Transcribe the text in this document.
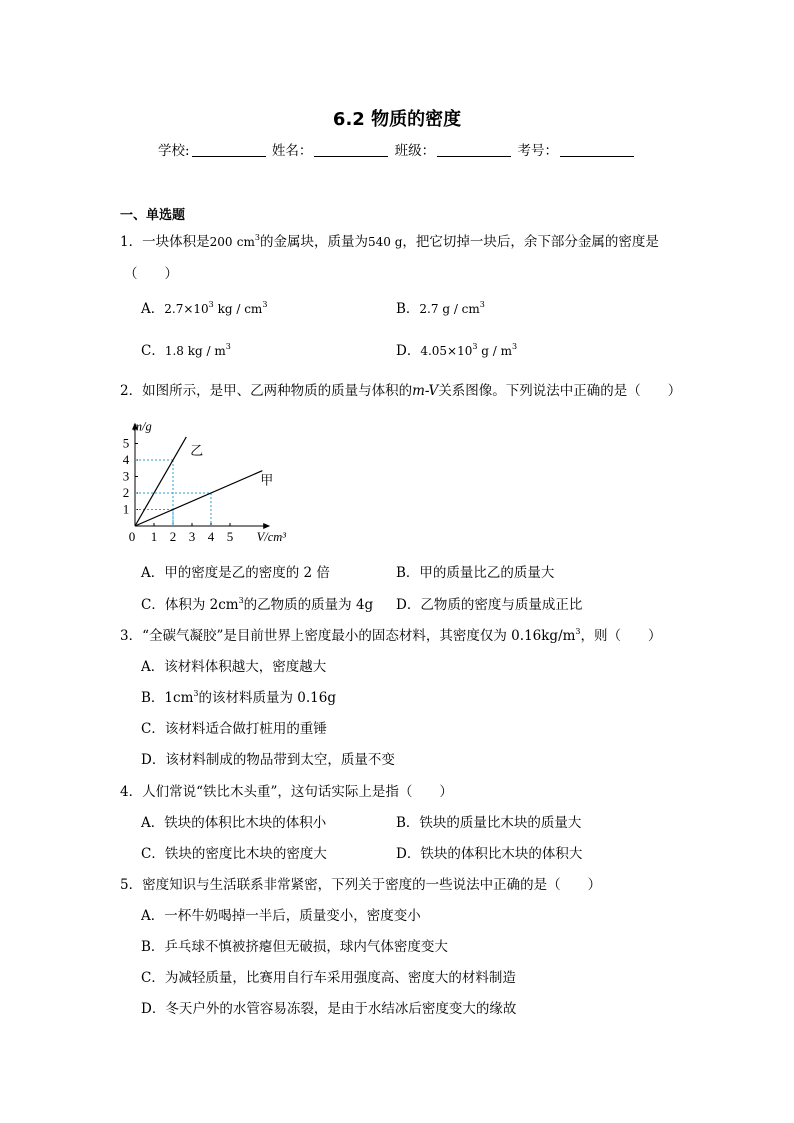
6.2 物质的密度
学校:	姓名：	班级：	考号：
一、单选题
1．一块体积是200 $cm^3$的金属块，质量为540 g，把它切掉一块后，余下部分金属的密度是
（　　）
A．$2.7\times 10^3$ kg / $cm^3$	B．2.7 g / $cm^3$
C．1.8 kg / $m^3$	D．$4.05\times 10^3$ g / $m^3$
2．如图所示，是甲、乙两种物质的质量与体积的m-V关系图像。下列说法中正确的是（　　）
0 1 2 3 4 5
1
2
3
4
5
m/g
V/cm³
乙
甲
A．甲的密度是乙的密度的 2 倍	B．甲的质量比乙的质量大
C．体积为 $2cm^3$的乙物质的质量为 4g D．乙物质的密度与质量成正比
3．“全碳气凝胶”是目前世界上密度最小的固态材料，其密度仅为 $0.16kg/m^3$，则（　　）
A．该材料体积越大，密度越大
B．$1cm^3$的该材料质量为 0.16g
C．该材料适合做打桩用的重锤
D．该材料制成的物品带到太空，质量不变
4．人们常说“铁比木头重”，这句话实际上是指（　　）
A．铁块的体积比木块的体积小	B．铁块的质量比木块的质量大
C．铁块的密度比木块的密度大	D．铁块的体积比木块的体积大
5．密度知识与生活联系非常紧密，下列关于密度的一些说法中正确的是（　　）
A．一杯牛奶喝掉一半后，质量变小，密度变小
B．乒乓球不慎被挤瘪但无破损，球内气体密度变大
C．为减轻质量，比赛用自行车采用强度高、密度大的材料制造
D．冬天户外的水管容易冻裂，是由于水结冰后密度变大的缘故
